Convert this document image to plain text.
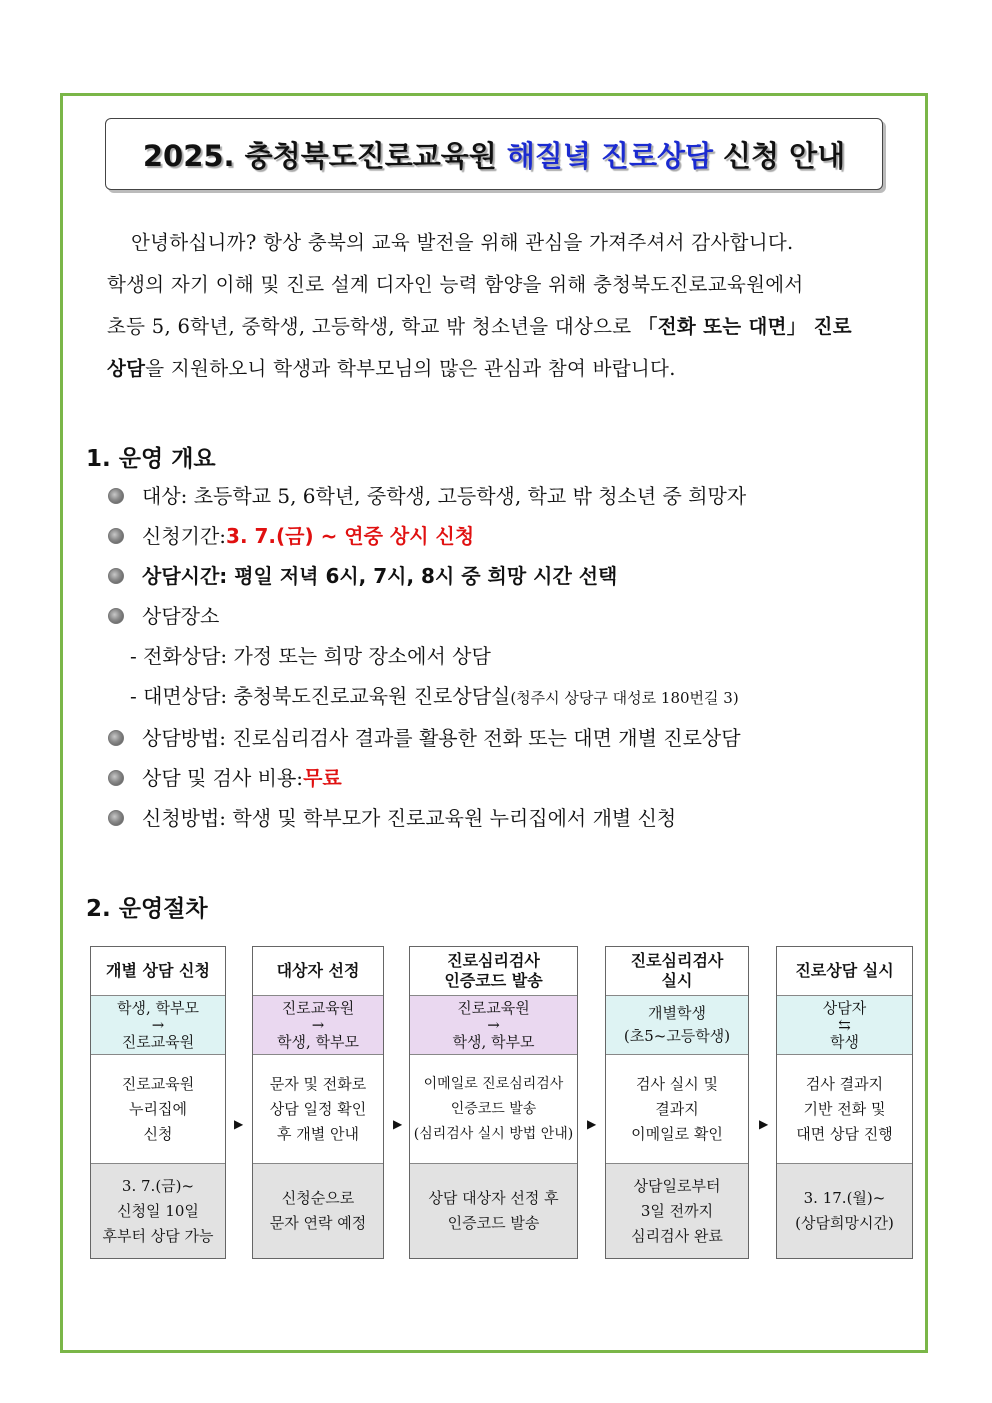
2025. 충청북도진로교육원 해질녘 진로상담 신청 안내

안녕하십니까? 항상 충북의 교육 발전을 위해 관심을 가져주셔서 감사합니다.

학생의 자기 이해 및 진로 설계 디자인 능력 함양을 위해 충청북도진로교육원에서

초등 5, 6학년, 중학생, 고등학생, 학교 밖 청소년을 대상으로 「전화 또는 대면」 진로

상담을 지원하오니 학생과 학부모님의 많은 관심과 참여 바랍니다.

1. 운영 개요
대상: 초등학교 5, 6학년, 중학생, 고등학생, 학교 밖 청소년 중 희망자
신청기간: 3. 7.(금) ~ 연중 상시 신청
상담시간: 평일 저녁 6시, 7시, 8시 중 희망 시간 선택
상담장소
- 전화상담: 가정 또는 희망 장소에서 상담
- 대면상담: 충청북도진로교육원 진로상담실(청주시 상당구 대성로 180번길 3)
상담방법: 진로심리검사 결과를 활용한 전화 또는 대면 개별 진로상담
상담 및 검사 비용: 무료
신청방법: 학생 및 학부모가 진로교육원 누리집에서 개별 신청
2. 운영절차
개별 상담 신청
학생, 학부모
→
진로교육원
진로교육원
누리집에
신청
3. 7.(금)~
신청일 10일
후부터 상담 가능
▶
대상자 선정
진로교육원
→
학생, 학부모
문자 및 전화로
상담 일정 확인
후 개별 안내
신청순으로
문자 연락 예정
▶
진로심리검사
인증코드 발송
진로교육원
→
학생, 학부모
이메일로 진로심리검사
인증코드 발송
(심리검사 실시 방법 안내)
상담 대상자 선정 후
인증코드 발송
▶
진로심리검사
실시
개별학생
(초5~고등학생)
검사 실시 및
결과지
이메일로 확인
상담일로부터
3일 전까지
심리검사 완료
▶
진로상담 실시
상담자
⇆
학생
검사 결과지
기반 전화 및
대면 상담 진행
3. 17.(월)~
(상담희망시간)
